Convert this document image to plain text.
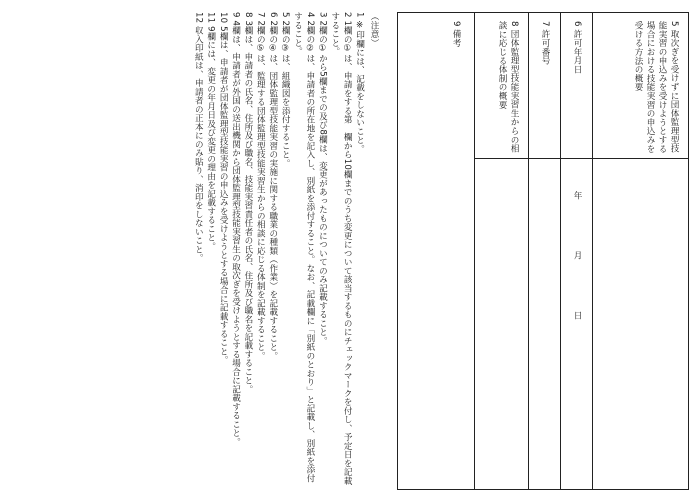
5 取次ぎを受けずに団体監理型技能実習の申込みを受けようとする場合における技能実習の申込みを受ける方法の概要
6 許可年月日
年
月
日
7 許可番号
8 団体監理型技能実習生からの相談に応じる体制の概要
9 備考

（注意）

1 ※印欄には、記載をしないこと。

2 1欄の①は、申請をする第　欄から10欄までのうち変更について該当するものにチェックマークを付し、予定日を記載すること。

3 2欄の①から5欄までの及び8欄は、変更があったものについてのみ記載すること。

4 2欄の②は、申請者の所在地を記入し、別紙を添付すること。なお、記載欄に「別紙のとおり」と記載し、別紙を添付すること。

5 2欄の③は、組織図を添付すること。

6 2欄の④は、団体監理型技能実習の実施に関する職業の種類（作業）を記載すること。

7 2欄の⑤は、監理する団体監理型技能実習生からの相談に応じる体制を記載すること。

8 3欄は、申請者の氏名、住所及び職名、技能実習責任者の氏名、住所及び職名を記載すること。

9 4欄は、申請者が外国の送出機関から団体監理型技能実習生の取次ぎを受けようとする場合に記載すること。

10 5欄は、申請者が団体監理型技能実習の申込みを受けようとする場合に記載すること。

11 9欄には、変更の年月日及び変更の理由を記載すること。

12 収入印紙は、申請者の正本にのみ貼り、消印をしないこと。
